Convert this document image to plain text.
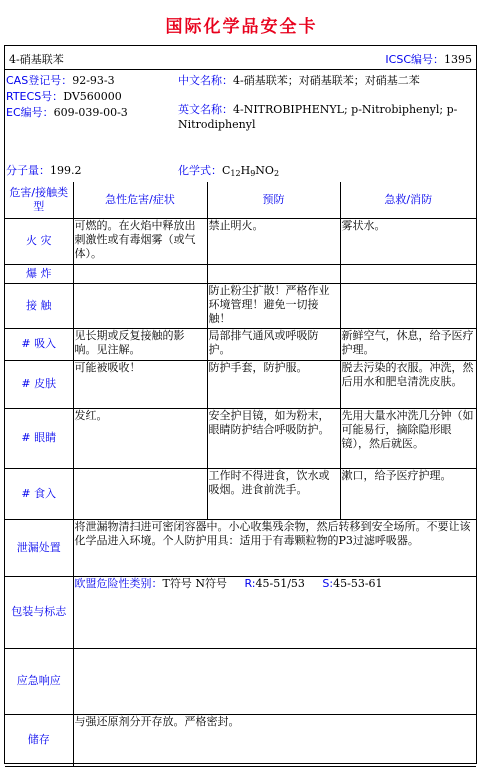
国际化学品安全卡
4-硝基联苯	ICSC编号：1395
CAS登记号：92-93-3
RTECS号：DV560000
EC编号：609-039-00-3
中文名称：4-硝基联苯；对硝基联苯；对硝基二苯
英文名称：4-NITROBIPHENYL; p-Nitrobiphenyl; p-Nitrodiphenyl
分子量：199.2	化学式：$C_{12}H_9NO_2$
危害/接触类型	急性危害/症状	预防	急救/消防
火 灾	可燃的。在火焰中释放出刺激性或有毒烟雾（或气体）。	禁止明火。	雾状水。
爆 炸			
接 触		防止粉尘扩散！严格作业环境管理！避免一切接触！	
# 吸入	见长期或反复接触的影响。见注解。	局部排气通风或呼吸防护。	新鲜空气，休息，给予医疗护理。
# 皮肤	可能被吸收！	防护手套，防护服。	脱去污染的衣服。冲洗，然后用水和肥皂清洗皮肤。
# 眼睛	发红。	安全护目镜，如为粉末，眼睛防护结合呼吸防护。	先用大量水冲洗几分钟（如可能易行，摘除隐形眼镜），然后就医。
# 食入		工作时不得进食，饮水或吸烟。进食前洗手。	漱口，给予医疗护理。
泄漏处置	将泄漏物清扫进可密闭容器中。小心收集残余物，然后转移到安全场所。不要让该化学品进入环境。个人防护用具：适用于有毒颗粒物的P3过滤呼吸器。		
包装与标志	欧盟危险性类别：T符号 N符号 R:45-51/53 S:45-53-61		
应急响应			
储存	与强还原剂分开存放。严格密封。		
